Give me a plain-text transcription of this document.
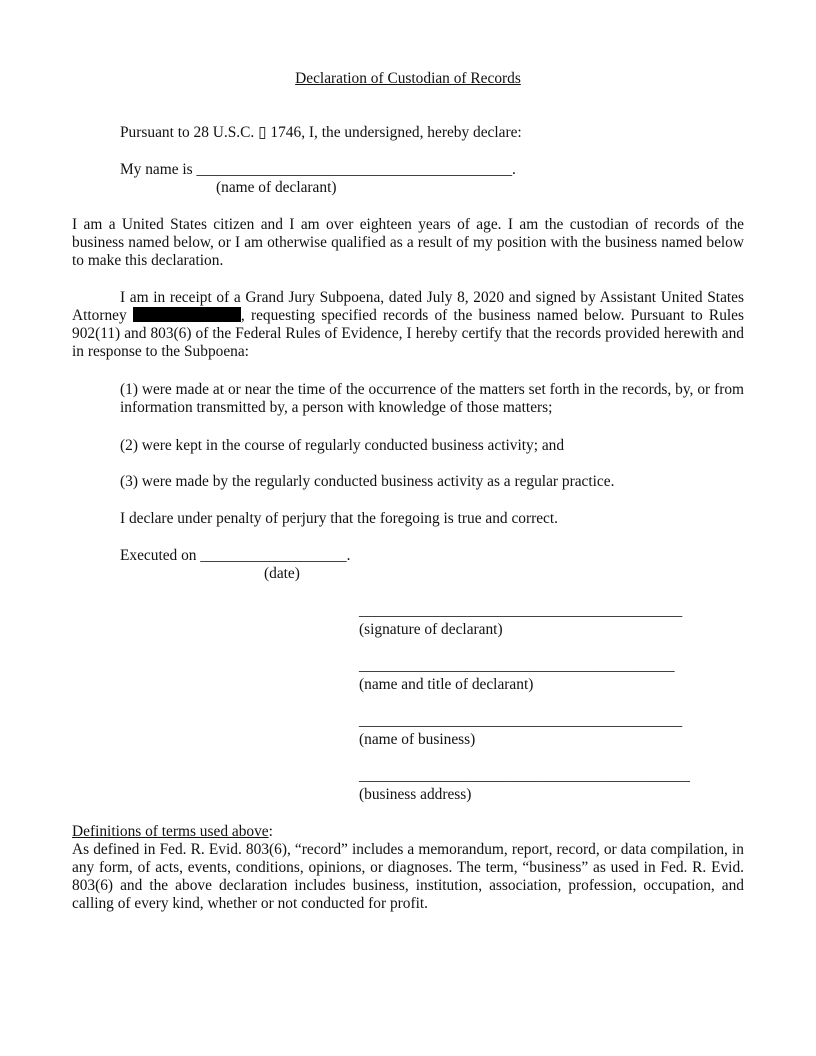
Declaration of Custodian of Records
Pursuant to 28 U.S.C. ▯ 1746, I, the undersigned, hereby declare:
My name is _________________________________________.
(name of declarant)
I am a United States citizen and I am over eighteen years of age. I am the custodian of records of the business named below, or I am otherwise qualified as a result of my position with the business named below to make this declaration.
I am in receipt of a Grand Jury Subpoena, dated July 8, 2020 and signed by Assistant United States Attorney	, requesting specified records of the business named below. Pursuant to Rules 902(11) and 803(6) of the Federal Rules of Evidence, I hereby certify that the records provided herewith and in response to the Subpoena:
(1) were made at or near the time of the occurrence of the matters set forth in the records, by, or from information transmitted by, a person with knowledge of those matters;
(2) were kept in the course of regularly conducted business activity; and
(3) were made by the regularly conducted business activity as a regular practice.
I declare under penalty of perjury that the foregoing is true and correct.
Executed on ___________________.
(date)
__________________________________________
(signature of declarant)
_________________________________________
(name and title of declarant)
__________________________________________
(name of business)
___________________________________________
(business address)
Definitions of terms used above:
As defined in Fed. R. Evid. 803(6), “record” includes a memorandum, report, record, or data compilation, in any form, of acts, events, conditions, opinions, or diagnoses. The term, “business” as used in Fed. R. Evid. 803(6) and the above declaration includes business, institution, association, profession, occupation, and calling of every kind, whether or not conducted for profit.
